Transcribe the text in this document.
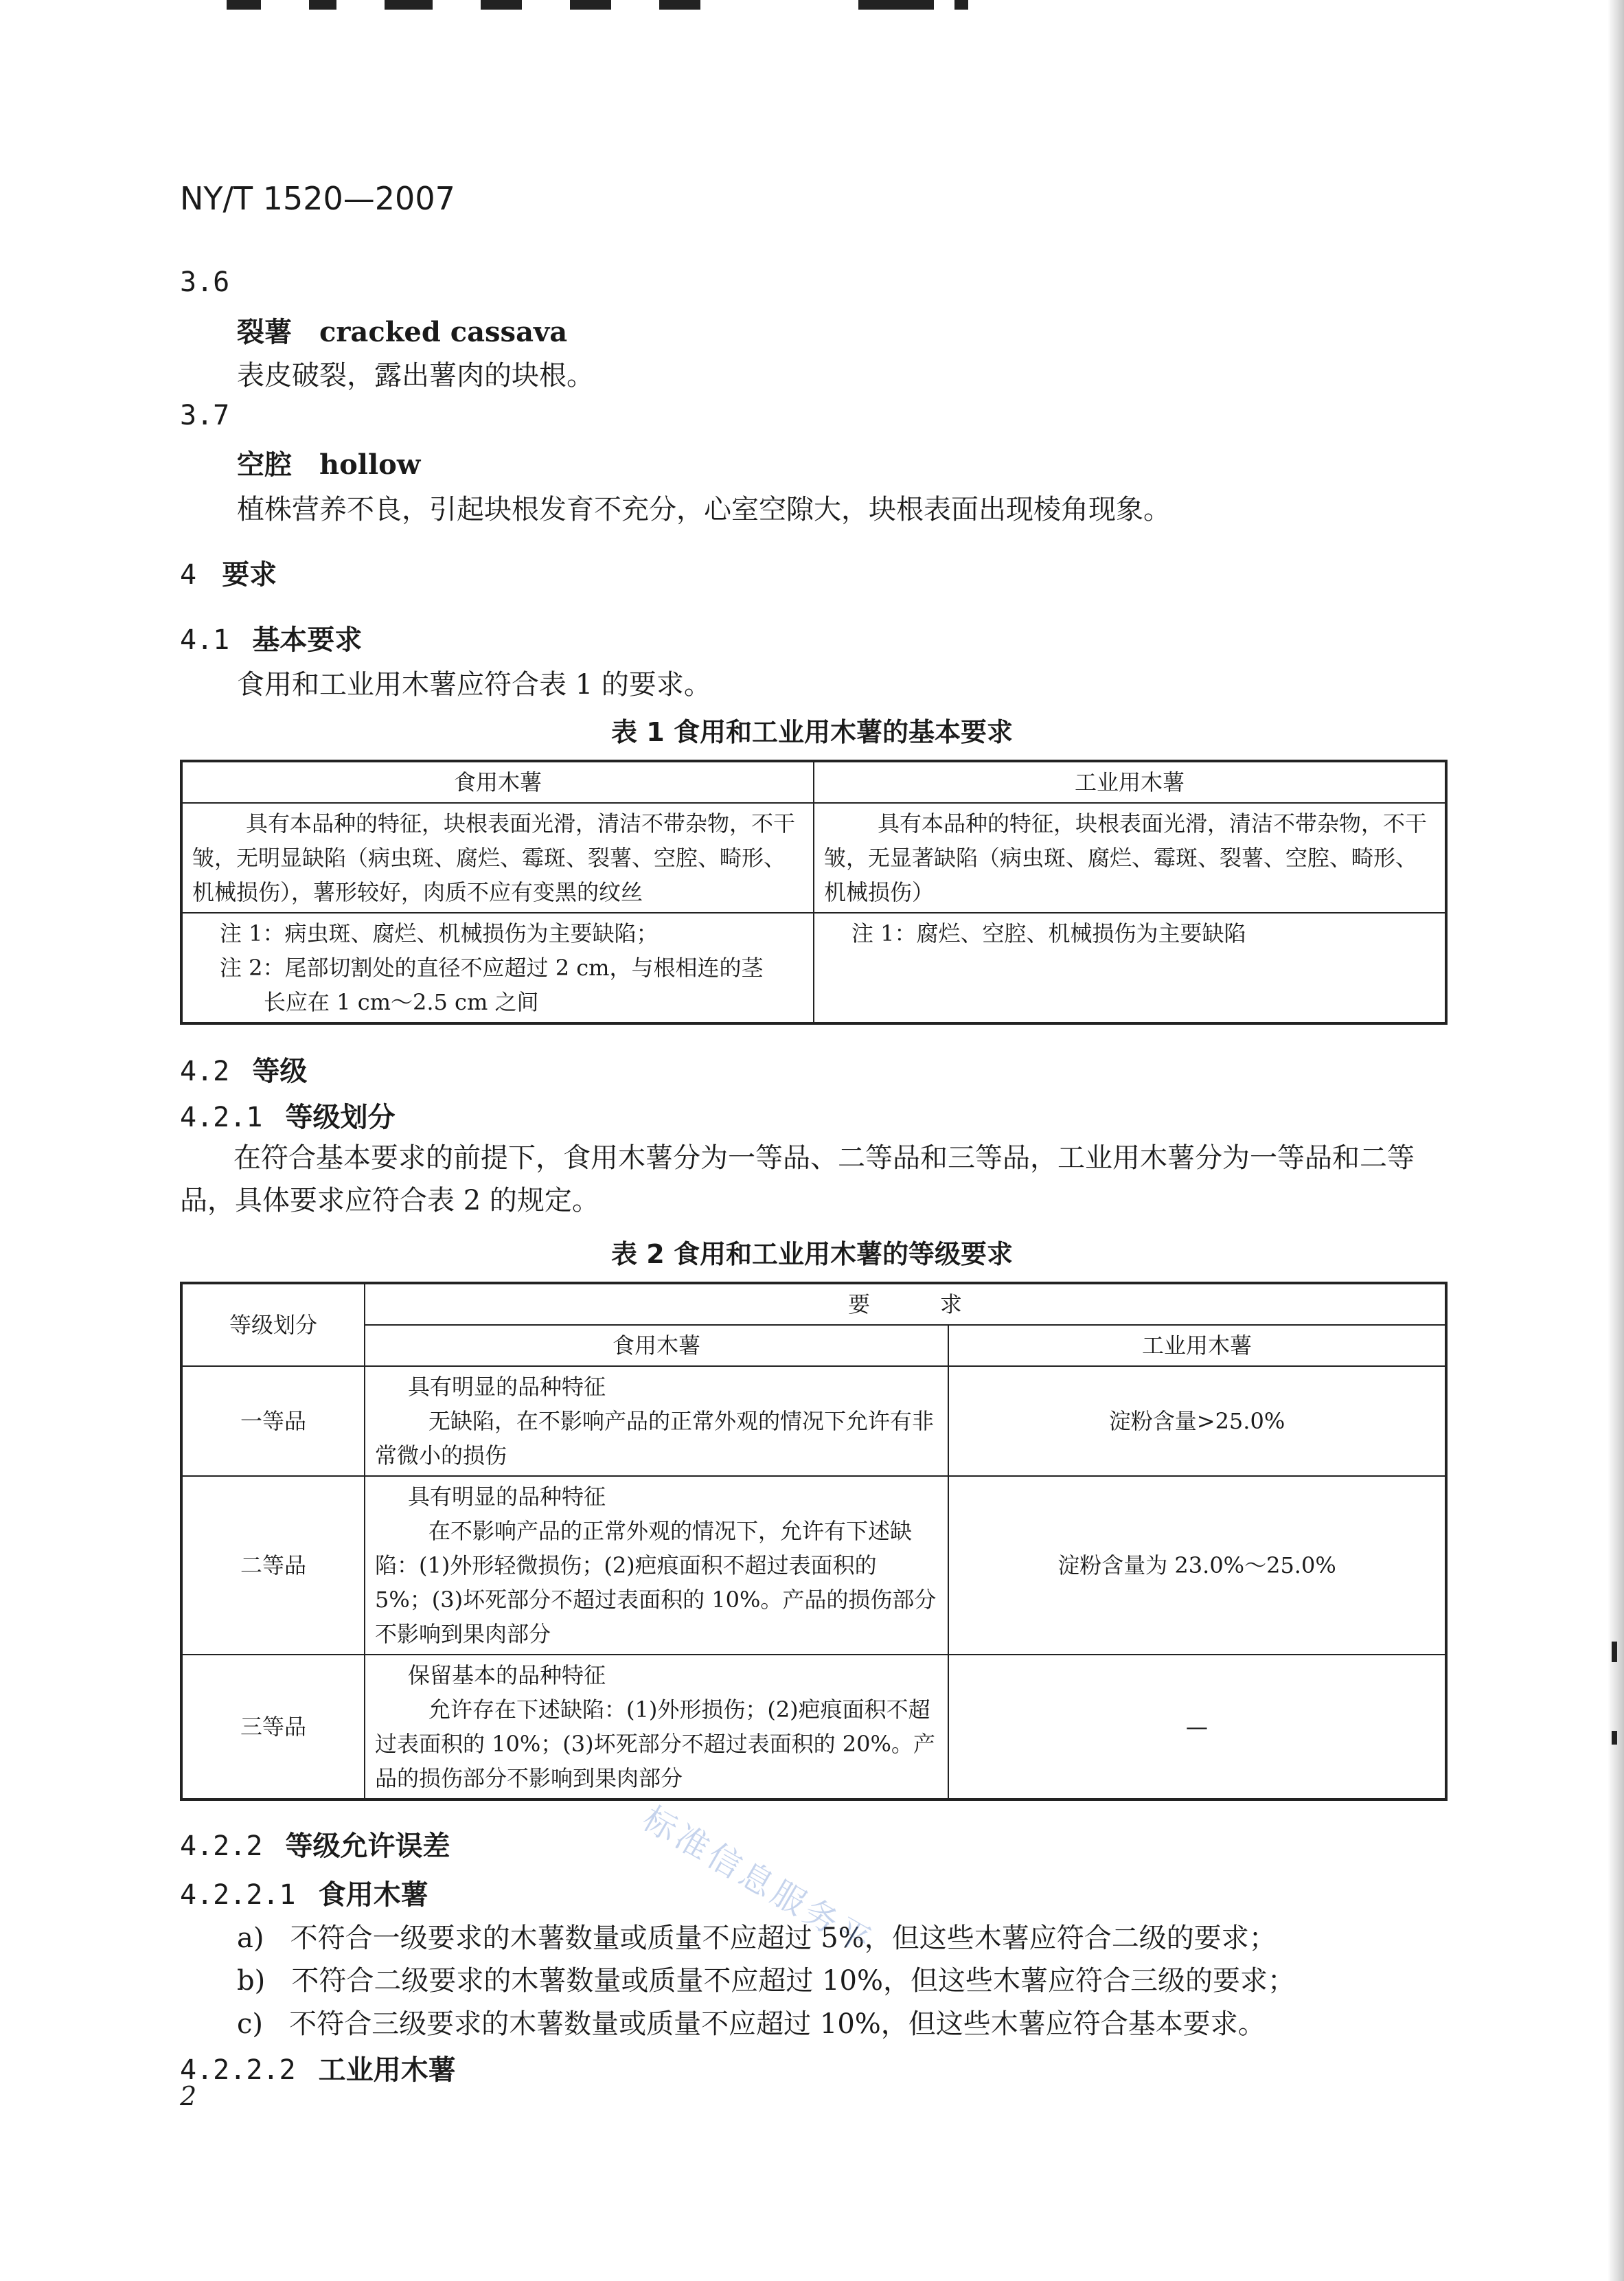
NY/T 1520—2007
3.6
裂薯 cracked cassava
表皮破裂，露出薯肉的块根。
3.7
空腔 hollow
植株营养不良，引起块根发育不充分，心室空隙大，块根表面出现棱角现象。
4 要求
4.1 基本要求
食用和工业用木薯应符合表 1 的要求。
表 1 食用和工业用木薯的基本要求
食用木薯	工业用木薯

具有本品种的特征，块根表面光滑，清洁不带杂物，不干皱，无明显缺陷（病虫斑、腐烂、霉斑、裂薯、空腔、畸形、机械损伤），薯形较好，肉质不应有变黑的纹丝	具有本品种的特征，块根表面光滑，清洁不带杂物，不干皱，无显著缺陷（病虫斑、腐烂、霉斑、裂薯、空腔、畸形、机械损伤）

注 1：病虫斑、腐烂、机械损伤为主要缺陷；

注 2：尾部切割处的直径不应超过 2 cm，与根相连的茎

长应在 1 cm～2.5 cm 之间	注 1：腐烂、空腔、机械损伤为主要缺陷

4.2 等级
4.2.1 等级划分

在符合基本要求的前提下，食用木薯分为一等品、二等品和三等品，工业用木薯分为一等品和二等品，具体要求应符合表 2 的规定。

表 2 食用和工业用木薯的等级要求
等级划分	要          求	
	食用木薯	工业用木薯
一等品	具有明显的品种特征

无缺陷，在不影响产品的正常外观的情况下允许有非常微小的损伤	淀粉含量>25.0%
二等品	具有明显的品种特征

在不影响产品的正常外观的情况下，允许有下述缺陷：(1)外形轻微损伤；(2)疤痕面积不超过表面积的 5%；(3)坏死部分不超过表面积的 10%。产品的损伤部分不影响到果肉部分	淀粉含量为 23.0%～25.0%
三等品	保留基本的品种特征

允许存在下述缺陷：(1)外形损伤；(2)疤痕面积不超过表面积的 10%；(3)坏死部分不超过表面积的 20%。产品的损伤部分不影响到果肉部分	—
4.2.2 等级允许误差
4.2.2.1 食用木薯
a)   不符合一级要求的木薯数量或质量不应超过 5%，但这些木薯应符合二级的要求；
b)   不符合二级要求的木薯数量或质量不应超过 10%，但这些木薯应符合三级的要求；
c)   不符合三级要求的木薯数量或质量不应超过 10%，但这些木薯应符合基本要求。
4.2.2.2 工业用木薯
2
标准信息服务平
